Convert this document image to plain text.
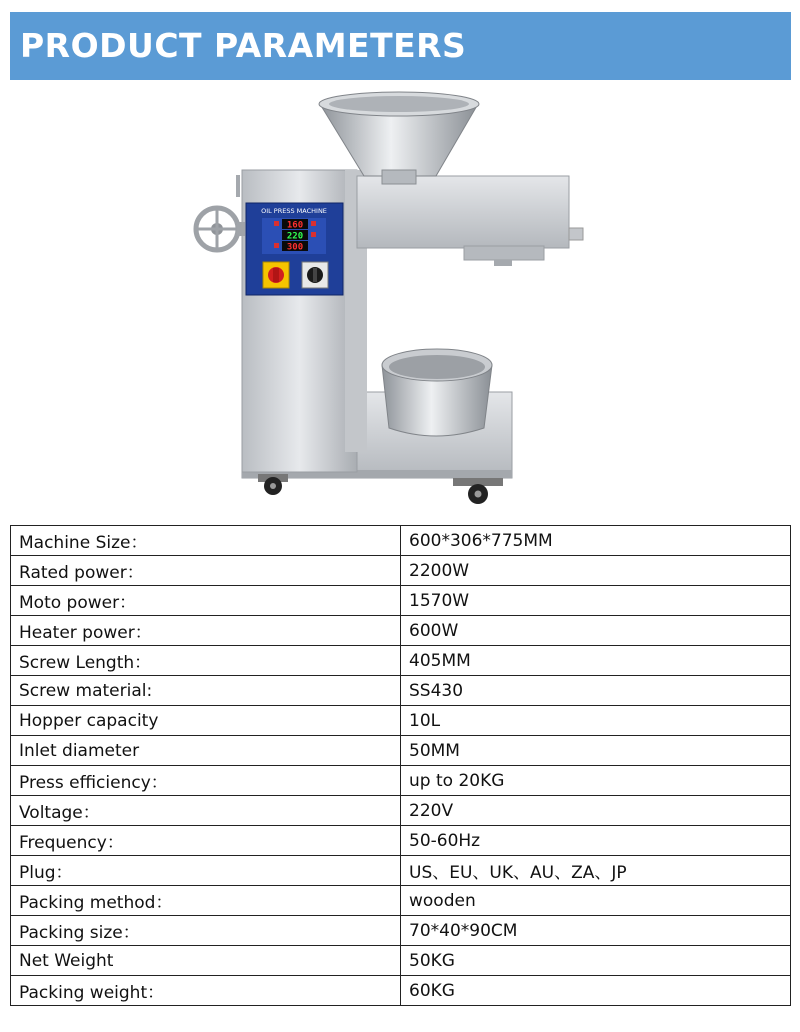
PRODUCT PARAMETERS
OIL PRESS MACHINE
160
220
300
Machine Size：	600*306*775MM
Rated power：	2200W
Moto power：	1570W
Heater power：	600W
Screw Length：	405MM
Screw material:	SS430
Hopper capacity	10L
Inlet diameter	50MM
Press efficiency：	up to 20KG
Voltage：	220V
Frequency：	50-60Hz
Plug：	US、EU、UK、AU、ZA、JP
Packing method：	wooden
Packing size：	70*40*90CM
Net Weight	50KG
Packing weight：	60KG
